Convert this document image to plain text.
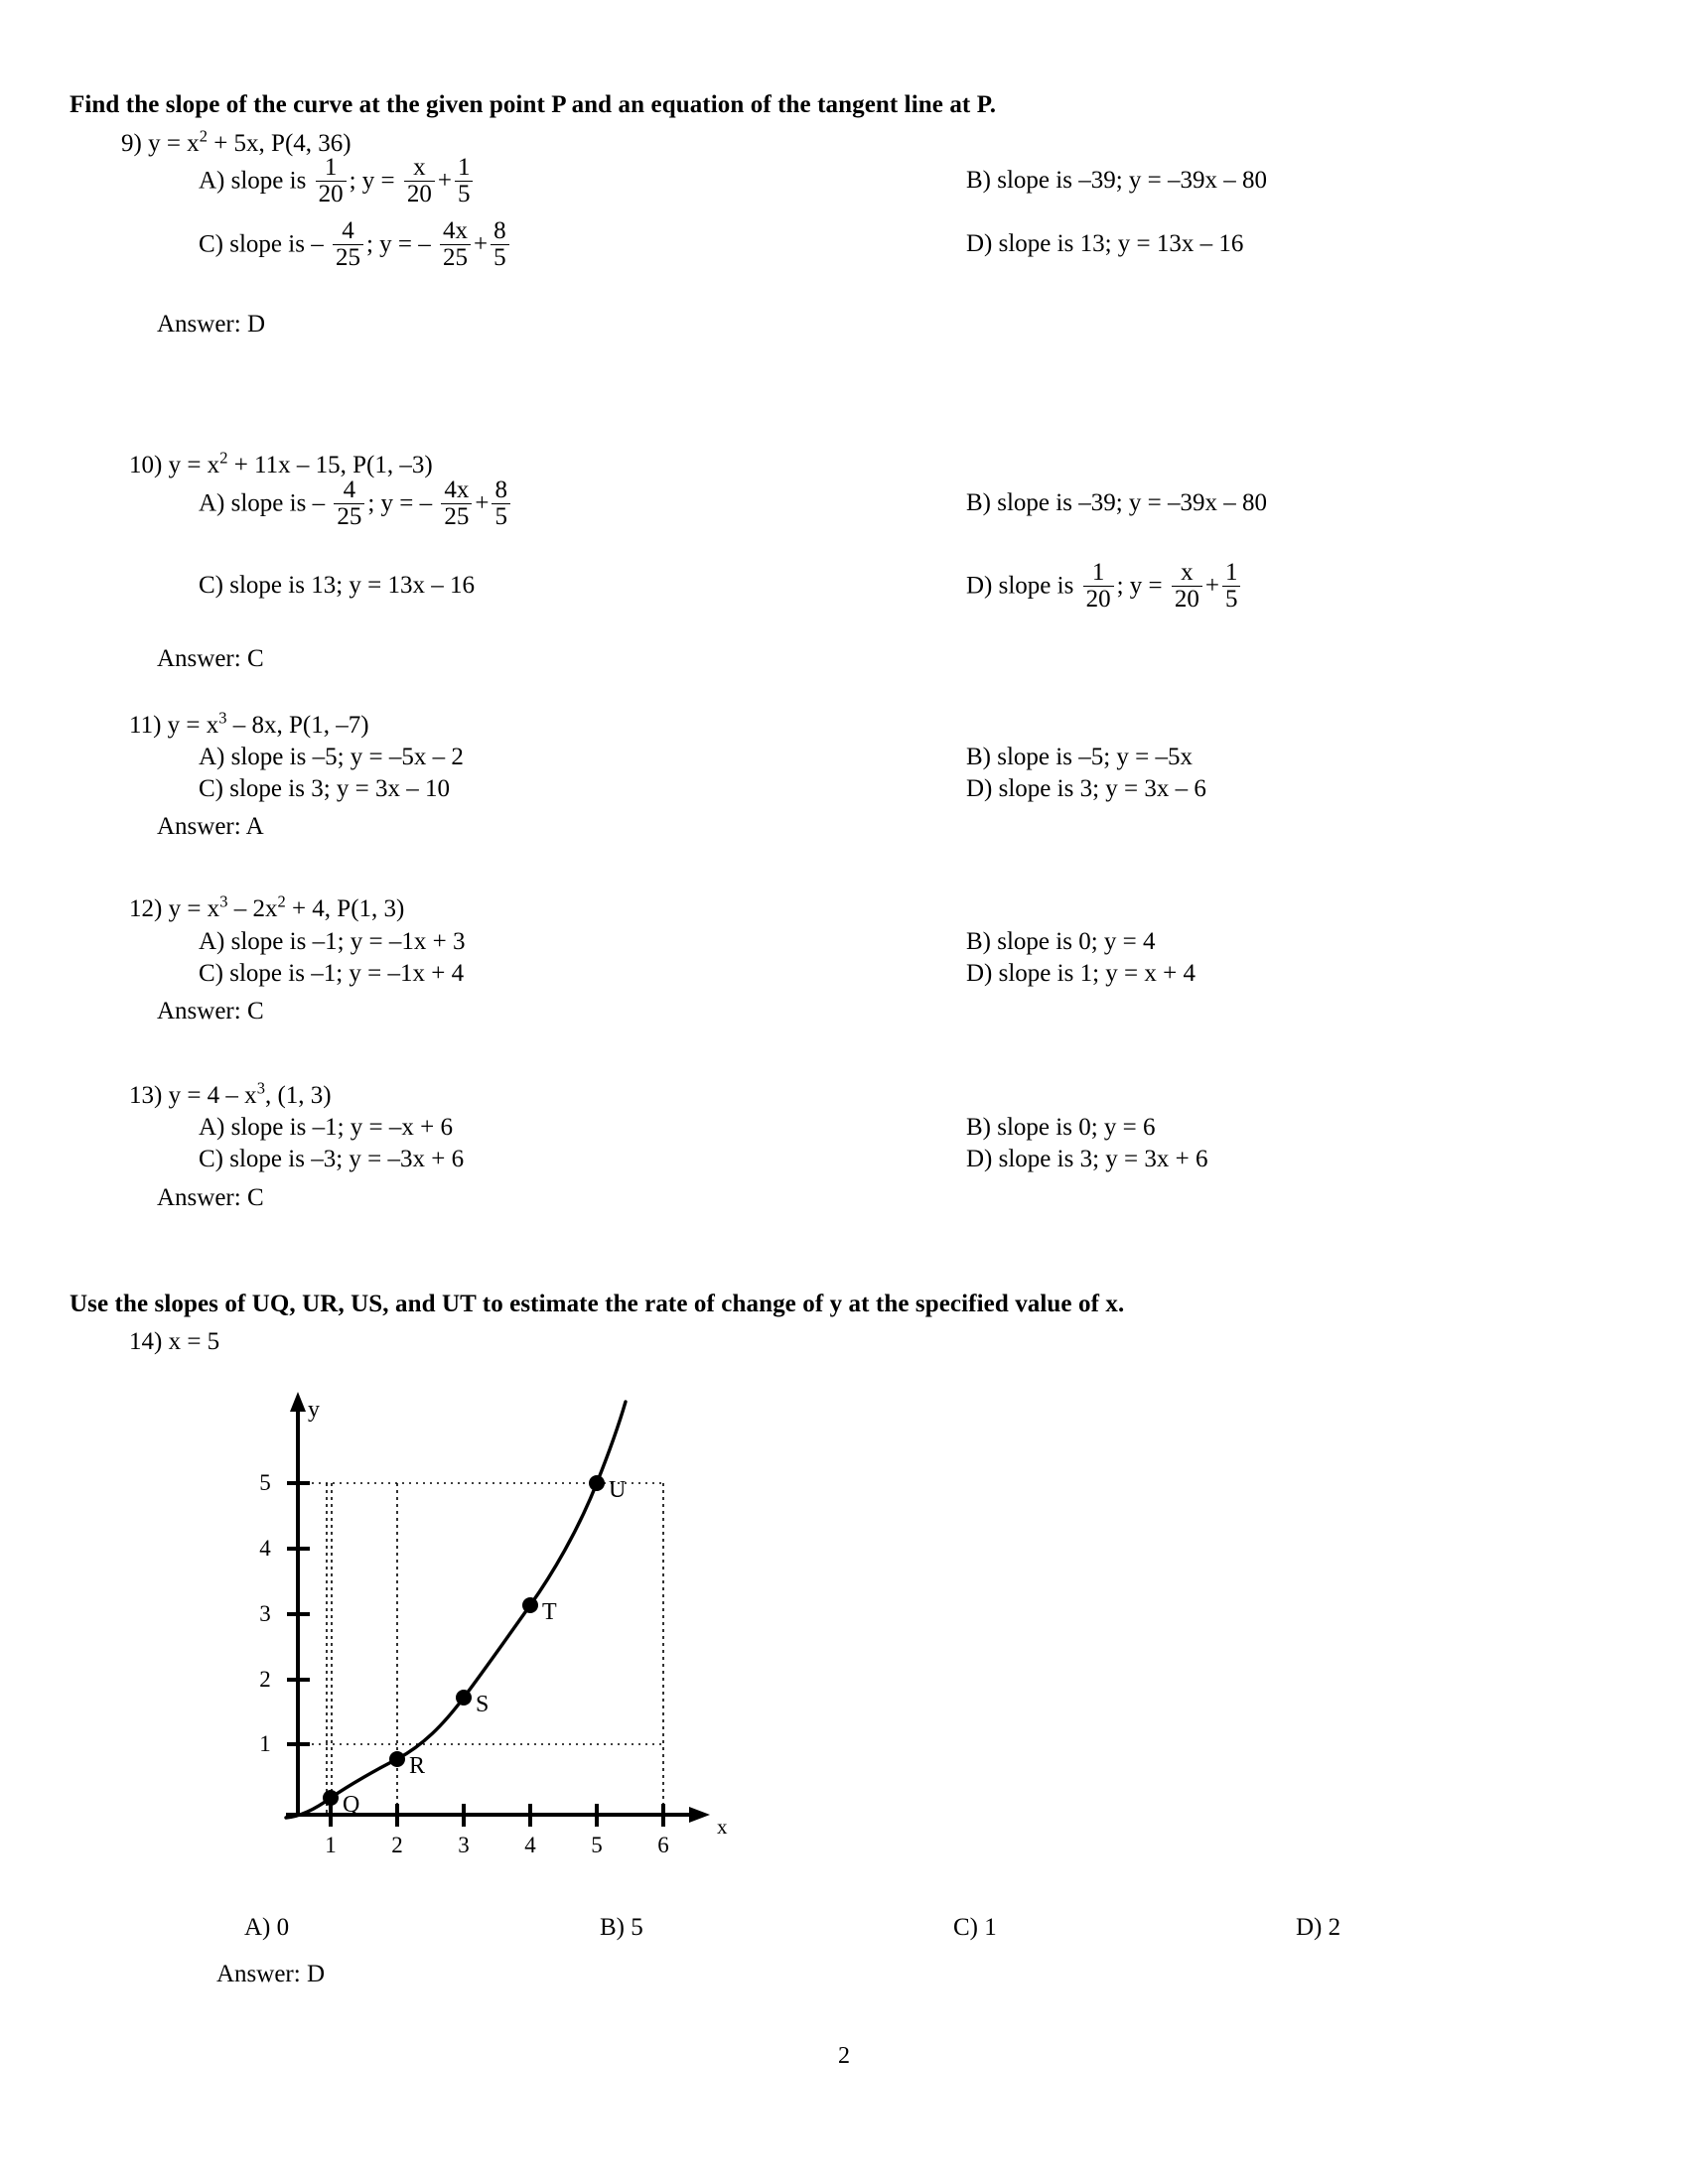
Find the slope of the curve at the given point P and an equation of the tangent line at P.
9) $y = x^2 + 5x$, P(4, 36)
A) slope is $\frac{1}{20}$ ; $y = \frac{x}{20} + \frac{1}{5}$	B) slope is –39; y = –39x – 80
C) slope is – $\frac{4}{25}$ ; y = – $\frac{4x}{25} + \frac{8}{5}$	D) slope is 13; y = 13x – 16
Answer: D
10) $y = x^2 + 11x - 15$, P(1, –3)
A) slope is – $\frac{4}{25}$ ; y = – $\frac{4x}{25} + \frac{8}{5}$	B) slope is –39; y = –39x – 80
C) slope is 13; y = 13x – 16	D) slope is $\frac{1}{20}$ ; $y = \frac{x}{20} + \frac{1}{5}$
Answer: C
11) $y = x^3 - 8x$, P(1, –7)
A) slope is –5; y = –5x – 2	B) slope is –5; y = –5x
C) slope is 3; y = 3x – 10	D) slope is 3; y = 3x – 6
Answer: A
12) $y = x^3 - 2x^2 + 4$, P(1, 3)
A) slope is –1; y = –1x + 3	B) slope is 0; y = 4
C) slope is –1; y = –1x + 4	D) slope is 1; y = x + 4
Answer: C
13) $y = 4 - x^3$, (1, 3)
A) slope is –1; y = –x + 6	B) slope is 0; y = 6
C) slope is –3; y = –3x + 6	D) slope is 3; y = 3x + 6
Answer: C
Use the slopes of UQ, UR, US, and UT to estimate the rate of change of y at the specified value of x.
14) x = 5
y
x
5
4
3
2
1
1	2	3	4	5	6
Q
R
S
T
U
A) 0	B) 5	C) 1	D) 2
Answer: D
2
